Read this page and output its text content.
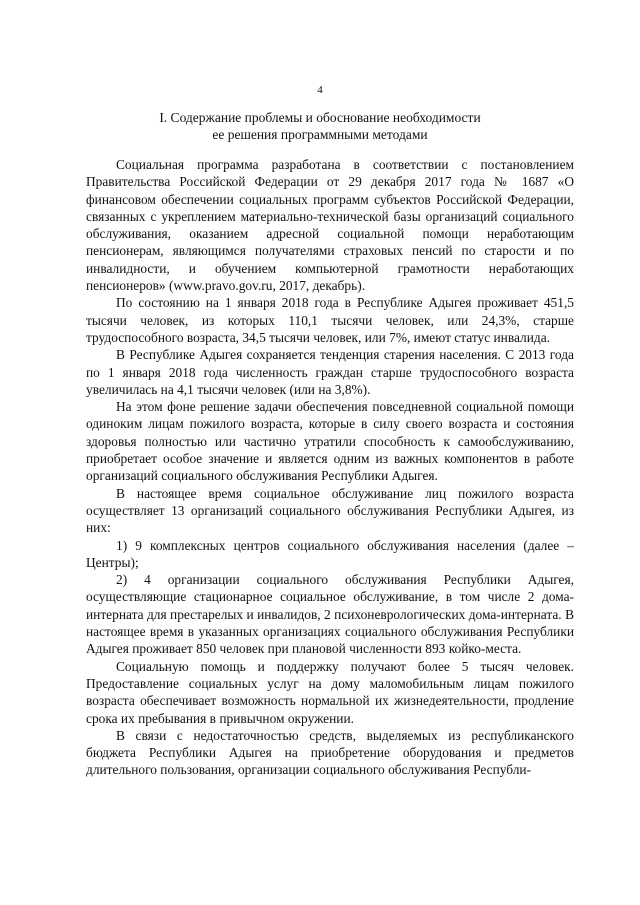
4
I. Содержание проблемы и обоснование необходимости
ее решения программными методами

Социальная программа разработана в соответствии с постановлением Правительства Российской Федерации от 29 декабря 2017 года № 1687 «О финансовом обеспечении социальных программ субъектов Российской Федерации, связанных с укреплением материально-технической базы организаций социального обслуживания, оказанием адресной социальной помощи неработающим пенсионерам, являющимся получателями страховых пенсий по старости и по инвалидности, и обучением компьютерной грамотности неработающих пенсионеров» (www.pravo.gov.ru, 2017, декабрь).

По состоянию на 1 января 2018 года в Республике Адыгея проживает 451,5 тысячи человек, из которых 110,1 тысячи человек, или 24,3%, старше трудоспособного возраста, 34,5 тысячи человек, или 7%, имеют статус инвалида.

В Республике Адыгея сохраняется тенденция старения населения. С 2013 года по 1 января 2018 года численность граждан старше трудоспособного возраста увеличилась на 4,1 тысячи человек (или на 3,8%).

На этом фоне решение задачи обеспечения повседневной социальной помощи одиноким лицам пожилого возраста, которые в силу своего возраста и состояния здоровья полностью или частично утратили способность к самообслуживанию, приобретает особое значение и является одним из важных компонентов в работе организаций социального обслуживания Республики Адыгея.

В настоящее время социальное обслуживание лиц пожилого возраста осуществляет 13 организаций социального обслуживания Республики Адыгея, из них:

1) 9 комплексных центров социального обслуживания населения (далее – Центры);

2) 4 организации социального обслуживания Республики Адыгея, осуществляющие стационарное социальное обслуживание, в том числе 2 дома-интерната для престарелых и инвалидов, 2 психоневрологических дома-интерната. В настоящее время в указанных организациях социального обслуживания Республики Адыгея проживает 850 человек при плановой численности 893 койко-места.

Социальную помощь и поддержку получают более 5 тысяч человек. Предоставление социальных услуг на дому маломобильным лицам пожилого возраста обеспечивает возможность нормальной их жизнедеятельности, продление срока их пребывания в привычном окружении.

В связи с недостаточностью средств, выделяемых из республиканского бюджета Республики Адыгея на приобретение оборудования и предметов длительного пользования, организации социального обслуживания Республи-
